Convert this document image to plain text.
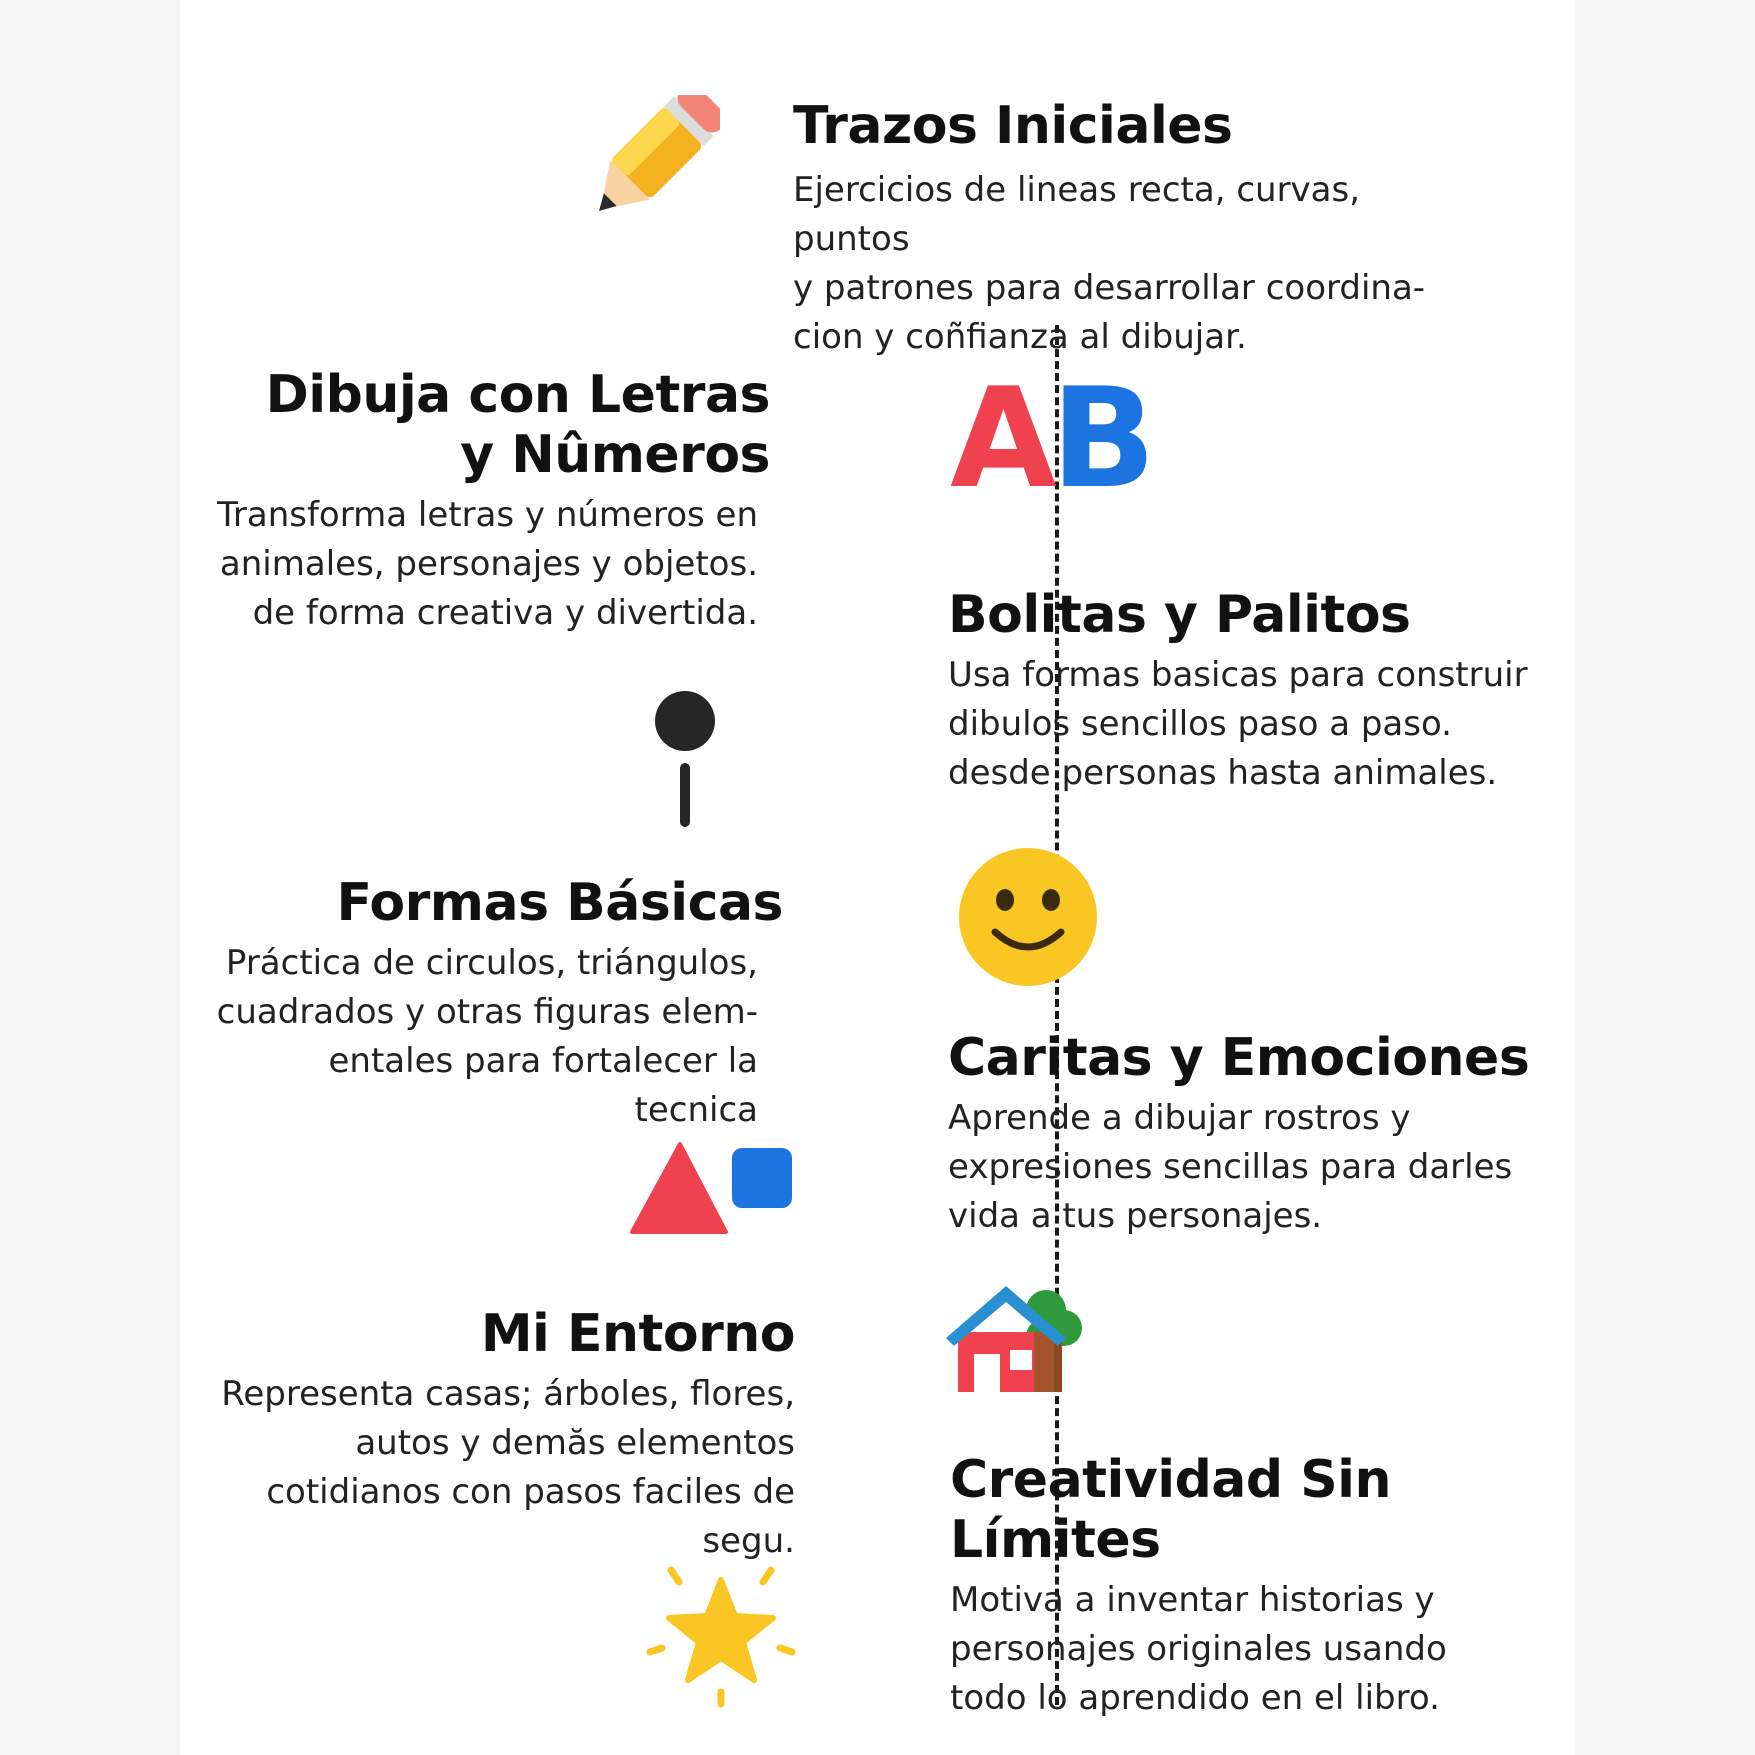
Trazos Iniciales

Ejercicios de lineas recta, curvas, puntos
y patrones para desarrollar coordina-
cion y coñfianza al dibujar.

Dibuja con Letras
y Nûmeros

Transforma letras y números en
animales, personajes y objetos.
de forma creativa y divertida.

AB
Bolitas y Palitos

Usa formas basicas para construir
dibulos sencillos paso a paso.
desde personas hasta animales.

Formas Básicas

Práctica de circulos, triángulos,
cuadrados y otras figuras elem-
entales para fortalecer la tecnica

Caritas y Emociones

Aprende a dibujar rostros y
expresiones sencillas para darles
vida a tus personajes.

Mi Entorno

Representa casas; árboles, flores,
autos y demăs elementos
cotidianos con pasos faciles de segu.

Creatividad Sin Límites

Motiva a inventar historias y
personajes originales usando
todo lo aprendido en el libro.
